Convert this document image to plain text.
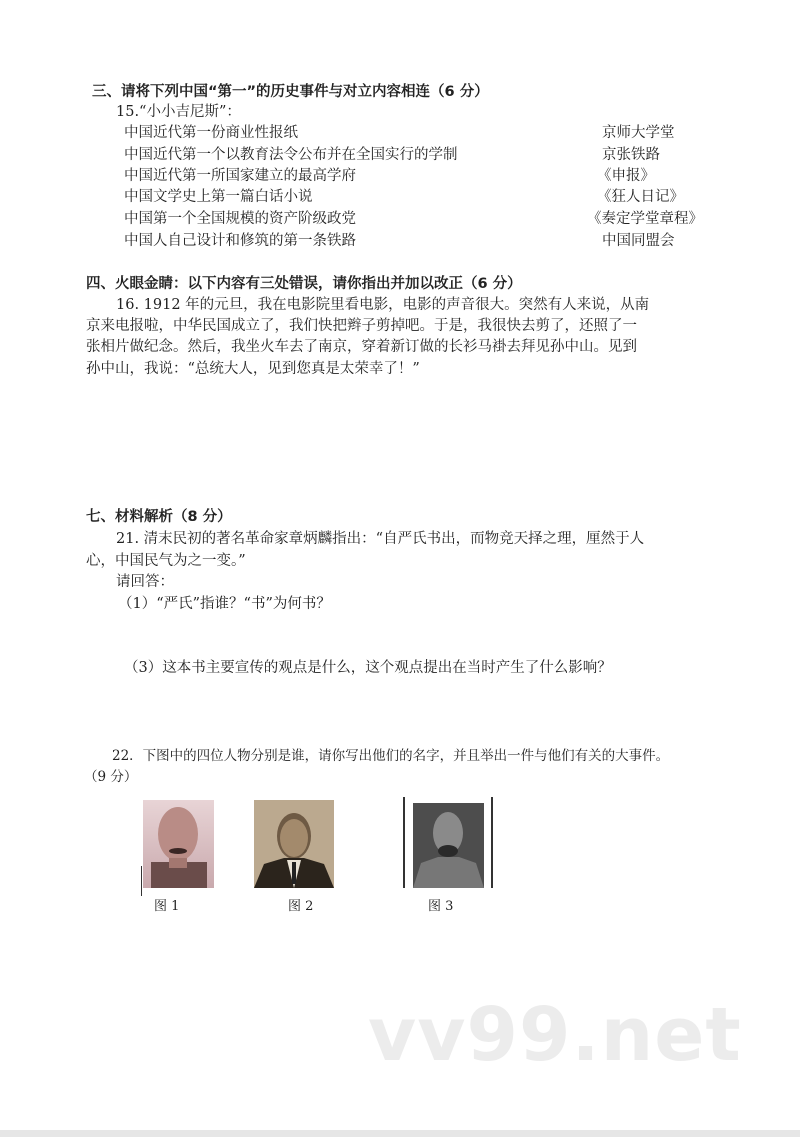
三、请将下列中国“第一”的历史事件与对立内容相连（6 分）
15.“小小吉尼斯”：
中国近代第一份商业性报纸
中国近代第一个以教育法令公布并在全国实行的学制
中国近代第一所国家建立的最高学府
中国文学史上第一篇白话小说
中国第一个全国规模的资产阶级政党
中国人自己设计和修筑的第一条铁路
京师大学堂
京张铁路
《申报》
《狂人日记》
《奏定学堂章程》
中国同盟会
四、火眼金睛：以下内容有三处错误，请你指出并加以改正（6 分）
16. 1912 年的元旦，我在电影院里看电影，电影的声音很大。突然有人来说，从南
京来电报啦，中华民国成立了，我们快把辫子剪掉吧。于是，我很快去剪了，还照了一
张相片做纪念。然后，我坐火车去了南京，穿着新订做的长衫马褂去拜见孙中山。见到
孙中山，我说：“总统大人，见到您真是太荣幸了！”
七、材料解析（8 分）
21. 清末民初的著名革命家章炳麟指出：“自严氏书出，而物竞天择之理，厘然于人
心，中国民气为之一变。”
请回答：
（1）“严氏”指谁？“书”为何书？
（3）这本书主要宣传的观点是什么，这个观点提出在当时产生了什么影响？
22．下图中的四位人物分别是谁，请你写出他们的名字，并且举出一件与他们有关的大事件。
（9 分）
图 1	图 2	图 3
vv99.net
